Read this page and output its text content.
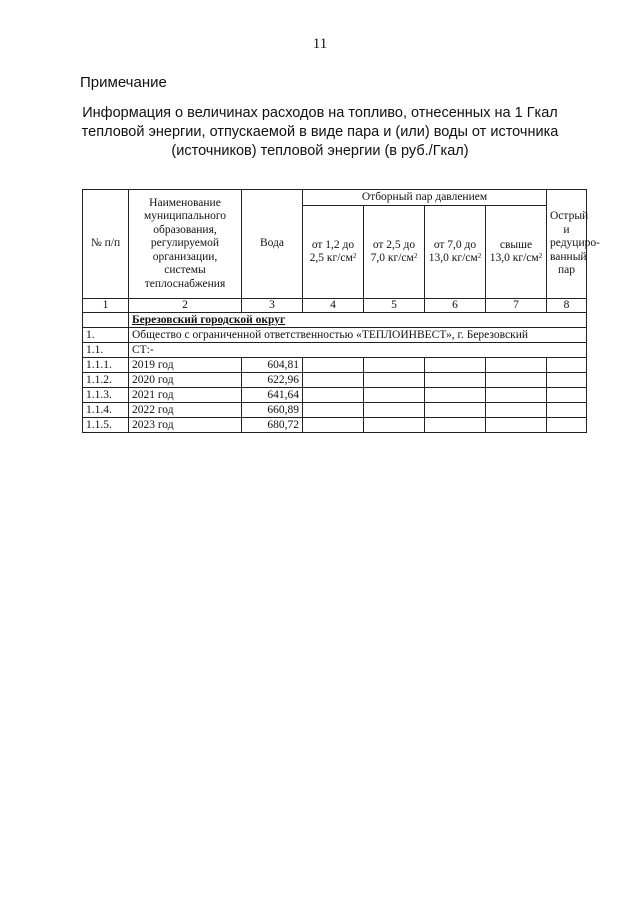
11
Примечание
Информация о величинах расходов на топливо, отнесенных на 1 Гкал тепловой энергии, отпускаемой в виде пара и (или) воды от источника (источников) тепловой энергии (в руб./Гкал)
№ п/п	Наименование муниципального образования, регулируемой организации, системы теплоснабжения	Вода	Отборный пар давлением				Острый и редуциро-ванный пар
			от 1,2 до 2,5 $кг/см^2$	от 2,5 до 7,0 $кг/см^2$	от 7,0 до 13,0 $кг/см^2$	свыше 13,0 $кг/см^2$
1	2	3	4	5	6	7	8
	Березовский городской округ						
1.	Общество с ограниченной ответственностью «ТЕПЛОИНВЕСТ», г. Березовский						
1.1.	СТ:-						
1.1.1.	2019 год	604,81					
1.1.2.	2020 год	622,96					
1.1.3.	2021 год	641,64					
1.1.4.	2022 год	660,89					
1.1.5.	2023 год	680,72					
